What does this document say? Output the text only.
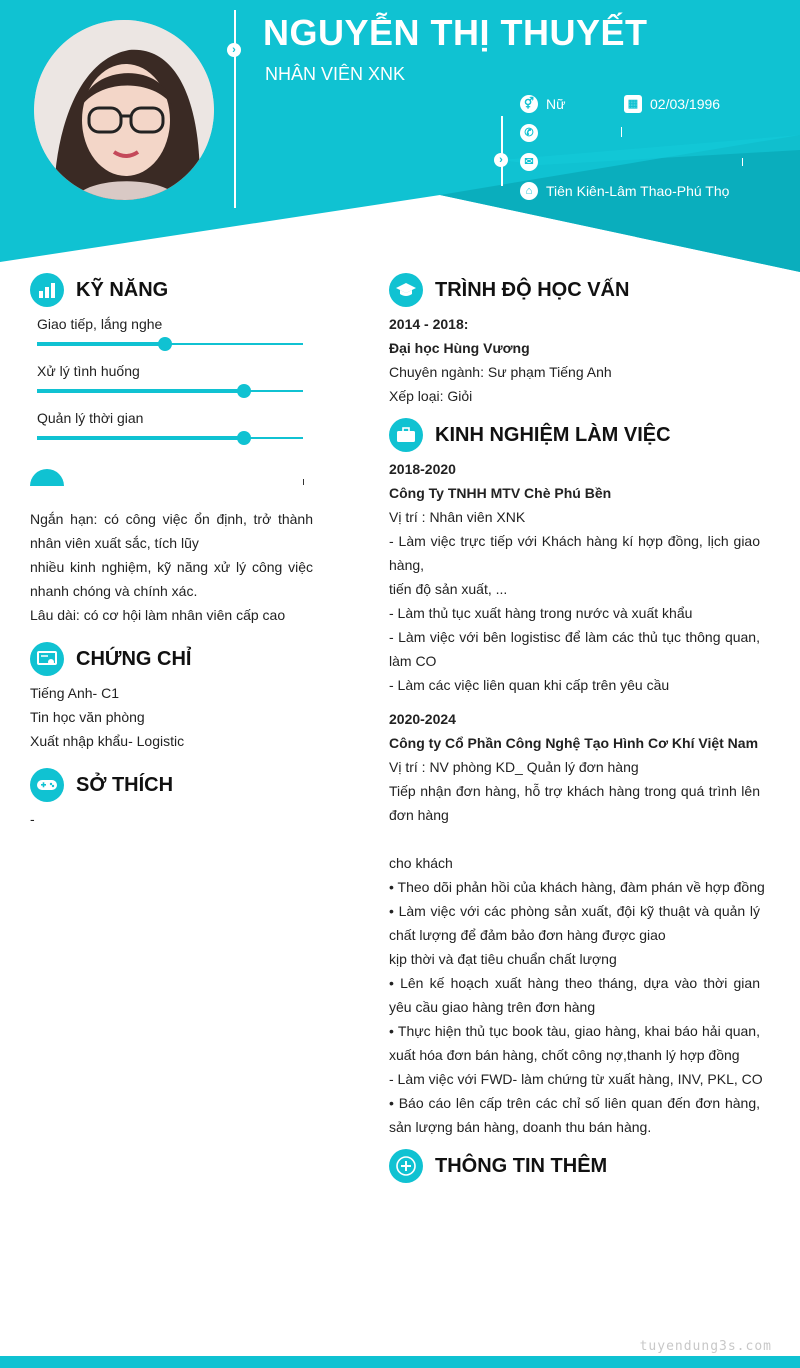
›
›
NGUYỄN THỊ THUYẾT
NHÂN VIÊN XNK
⚥ Nữ	▦ 02/03/1996
✆
✉
⌂ Tiên Kiên-Lâm Thao-Phú Thọ
KỸ NĂNG
Giao tiếp, lắng nghe
Xử lý tình huống
Quản lý thời gian
Ngắn hạn: có công việc ổn định, trở thành nhân viên xuất sắc, tích lũy
nhiều kinh nghiệm, kỹ năng xử lý công việc nhanh chóng và chính xác.
Lâu dài: có cơ hội làm nhân viên cấp cao
CHỨNG CHỈ
Tiếng Anh- C1
Tin học văn phòng
Xuất nhập khẩu- Logistic
SỞ THÍCH
-
TRÌNH ĐỘ HỌC VẤN
2014 - 2018:
Đại học Hùng Vương
Chuyên ngành: Sư phạm Tiếng Anh
Xếp loại: Giỏi
KINH NGHIỆM LÀM VIỆC
2018-2020
Công Ty TNHH MTV Chè Phú Bền
Vị trí : Nhân viên XNK
- Làm việc trực tiếp với Khách hàng kí hợp đồng, lịch giao hàng,
tiến độ sản xuất, ...
- Làm thủ tục xuất hàng trong nước và xuất khẩu
- Làm việc với bên logistisc để làm các thủ tục thông quan, làm CO
- Làm các việc liên quan khi cấp trên yêu cầu
2020-2024
Công ty Cổ Phần Công Nghệ Tạo Hình Cơ Khí Việt Nam
Vị trí : NV phòng KD_ Quản lý đơn hàng
Tiếp nhận đơn hàng, hỗ trợ khách hàng trong quá trình lên đơn hàng
cho khách
• Theo dõi phản hồi của khách hàng, đàm phán về hợp đồng
• Làm việc với các phòng sản xuất, đội kỹ thuật và quản lý chất lượng để đảm bảo đơn hàng được giao
kịp thời và đạt tiêu chuẩn chất lượng
• Lên kế hoạch xuất hàng theo tháng, dựa vào thời gian yêu cầu giao hàng trên đơn hàng
• Thực hiện thủ tục book tàu, giao hàng, khai báo hải quan, xuất hóa đơn bán hàng, chốt công nợ,thanh lý hợp đồng
- Làm việc với FWD- làm chứng từ xuất hàng, INV, PKL, CO
• Báo cáo lên cấp trên các chỉ số liên quan đến đơn hàng, sản lượng bán hàng, doanh thu bán hàng.
THÔNG TIN THÊM
tuyendung3s.com
